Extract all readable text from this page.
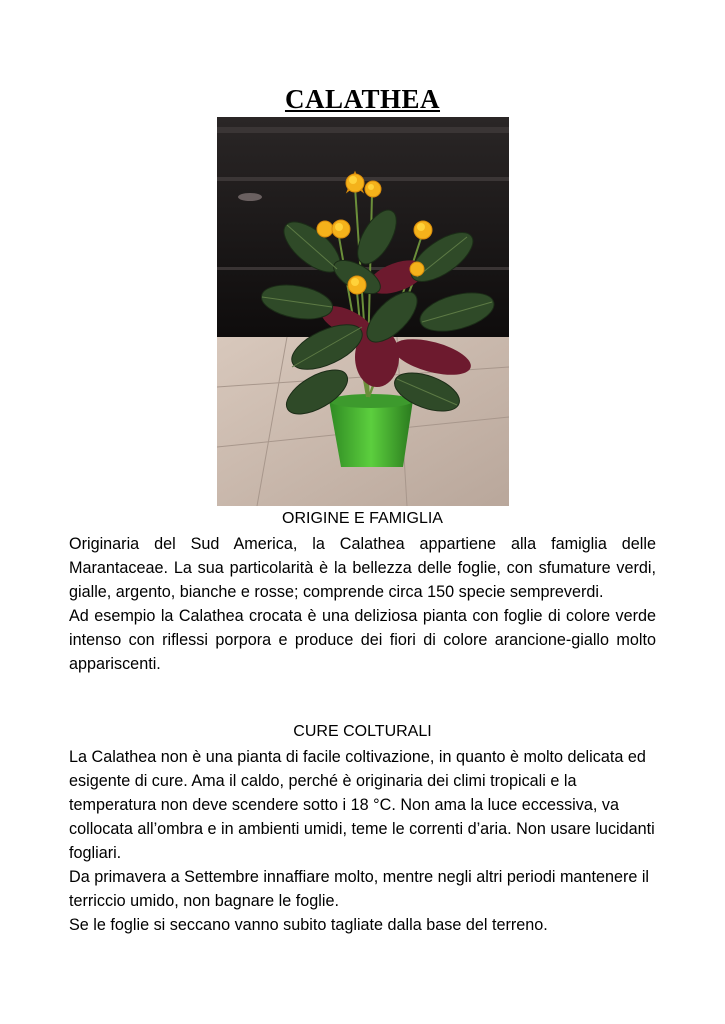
CALATHEA
ORIGINE E FAMIGLIA

Originaria del Sud America, la Calathea appartiene alla famiglia delle Marantaceae. La sua particolarità è la bellezza delle foglie, con sfumature verdi, gialle, argento, bianche e rosse; comprende circa 150 specie sempreverdi.

Ad esempio la Calathea crocata è una deliziosa pianta con foglie di colore verde intenso con riflessi porpora e produce dei fiori di colore arancione-giallo molto appariscenti.

CURE COLTURALI

La Calathea non è una pianta di facile coltivazione, in quanto è molto delicata ed esigente di cure. Ama il caldo, perché è originaria dei climi tropicali e la temperatura non deve scendere sotto i 18 °C. Non ama la luce eccessiva, va collocata all’ombra e in ambienti umidi, teme le correnti d’aria. Non usare lucidanti fogliari.

Da primavera a Settembre innaffiare molto, mentre negli altri periodi mantenere il terriccio umido, non bagnare le foglie.

Se le foglie si seccano vanno subito tagliate dalla base del terreno.
